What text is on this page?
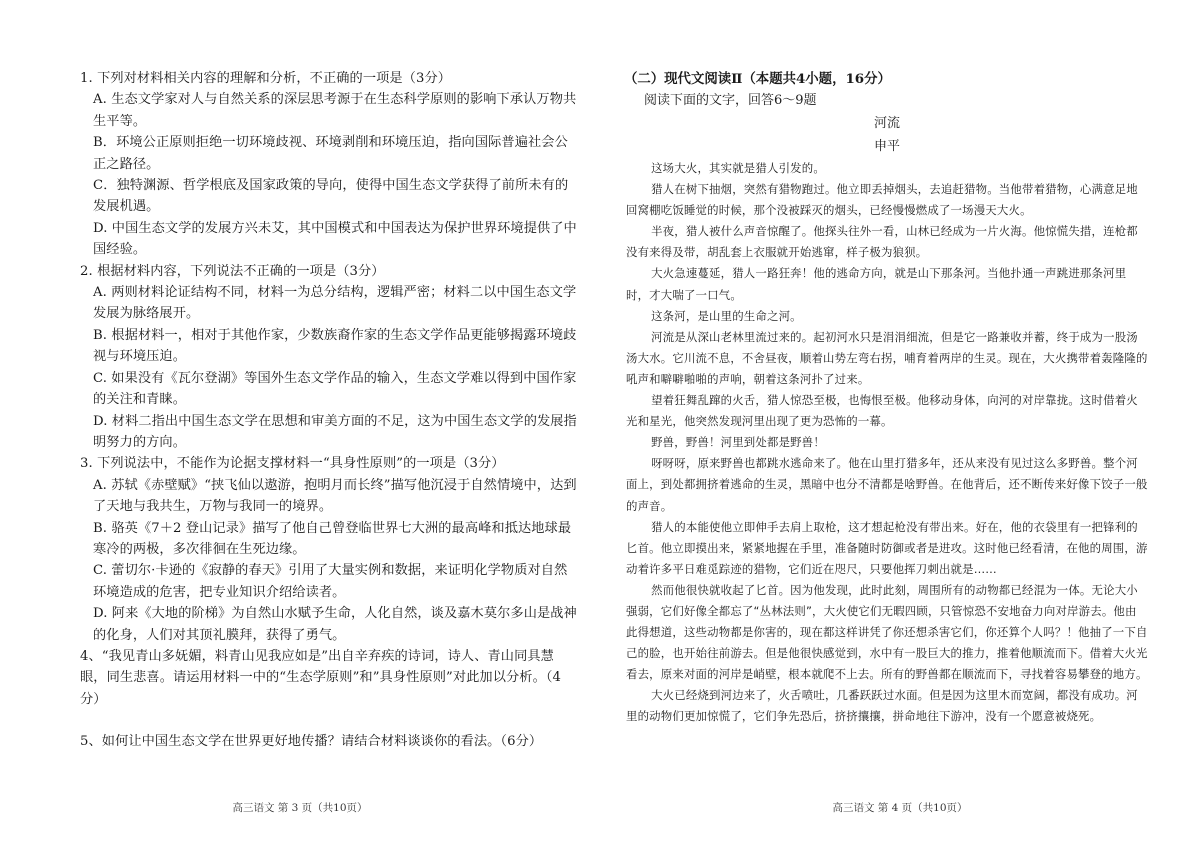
1. 下列对材料相关内容的理解和分析，不正确的一项是（3分）

A. 生态文学家对人与自然关系的深层思考源于在生态科学原则的影响下承认万物共生平等。

B．环境公正原则拒绝一切环境歧视、环境剥削和环境压迫，指向国际普遍社会公正之路径。

C．独特渊源、哲学根底及国家政策的导向，使得中国生态文学获得了前所未有的发展机遇。

D. 中国生态文学的发展方兴未艾，其中国模式和中国表达为保护世界环境提供了中国经验。

2. 根据材料内容，下列说法不正确的一项是（3分）

A. 两则材料论证结构不同，材料一为总分结构，逻辑严密；材料二以中国生态文学发展为脉络展开。

B. 根据材料一，相对于其他作家，少数族裔作家的生态文学作品更能够揭露环境歧视与环境压迫。

C. 如果没有《瓦尔登湖》等国外生态文学作品的输入，生态文学难以得到中国作家的关注和青睐。

D. 材料二指出中国生态文学在思想和审美方面的不足，这为中国生态文学的发展指明努力的方向。

3. 下列说法中，不能作为论据支撑材料一“具身性原则”的一项是（3分）

A. 苏轼《赤壁赋》“挟飞仙以遨游，抱明月而长终”描写他沉浸于自然情境中，达到了天地与我共生，万物与我同一的境界。

B. 骆英《7＋2 登山记录》描写了他自己曾登临世界七大洲的最高峰和抵达地球最寒冷的两极，多次徘徊在生死边缘。

C. 蕾切尔·卡逊的《寂静的春天》引用了大量实例和数据，来证明化学物质对自然环境造成的危害，把专业知识介绍给读者。

D. 阿来《大地的阶梯》为自然山水赋予生命，人化自然，谈及嘉木莫尔多山是战神的化身，人们对其顶礼膜拜，获得了勇气。

4、“我见青山多妩媚，料青山见我应如是”出自辛弃疾的诗词，诗人、青山同具慧眼，同生悲喜。请运用材料一中的“生态学原则”和”具身性原则”对此加以分析。（4分）

5、如何让中国生态文学在世界更好地传播？请结合材料谈谈你的看法。（6分）

高三语文 第 3 页（共10页）

（二）现代文阅读Ⅱ（本题共4小题，16分）

阅读下面的文字，回答6～9题

河流

申平

这场大火，其实就是猎人引发的。

猎人在树下抽烟，突然有猎物跑过。他立即丢掉烟头，去追赶猎物。当他带着猎物，心满意足地回窝棚吃饭睡觉的时候，那个没被踩灭的烟头，已经慢慢燃成了一场漫天大火。

半夜，猎人被什么声音惊醒了。他探头往外一看，山林已经成为一片火海。他惊慌失措，连枪都没有来得及带，胡乱套上衣服就开始逃窜，样子极为狼狈。

大火急速蔓延，猎人一路狂奔！他的逃命方向，就是山下那条河。当他扑通一声跳进那条河里时，才大喘了一口气。

这条河，是山里的生命之河。

河流是从深山老林里流过来的。起初河水只是涓涓细流，但是它一路兼收并蓄，终于成为一股汤汤大水。它川流不息，不舍昼夜，顺着山势左弯右拐，哺育着两岸的生灵。现在，大火携带着轰隆隆的吼声和噼噼啪啪的声响，朝着这条河扑了过来。

望着狂舞乱蹿的火舌，猎人惊恐至极，也悔恨至极。他移动身体，向河的对岸靠拢。这时借着火光和星光，他突然发现河里出现了更为恐怖的一幕。

野兽，野兽！河里到处都是野兽！

呀呀呀，原来野兽也都跳水逃命来了。他在山里打猎多年，还从来没有见过这么多野兽。整个河面上，到处都拥挤着逃命的生灵，黑暗中也分不清都是啥野兽。在他背后，还不断传来好像下饺子一般的声音。

猎人的本能使他立即伸手去肩上取枪，这才想起枪没有带出来。好在，他的衣袋里有一把锋利的匕首。他立即摸出来，紧紧地握在手里，准备随时防御或者是进攻。这时他已经看清，在他的周围，游动着许多平日难觅踪迹的猎物，它们近在咫尺，只要他挥刀刺出就是……

然而他很快就收起了匕首。因为他发现，此时此刻，周围所有的动物都已经混为一体。无论大小强弱，它们好像全都忘了“丛林法则”，大火使它们无暇四顾，只管惊恐不安地奋力向对岸游去。他由此得想道，这些动物都是你害的，现在都这样讲凭了你还想杀害它们，你还算个人吗？！他抽了一下自己的脸，也开始往前游去。但是他很快感觉到，水中有一股巨大的推力，推着他顺流而下。借着大火光看去，原来对面的河岸是峭壁，根本就爬不上去。所有的野兽都在顺流而下，寻找着容易攀登的地方。

大火已经烧到河边来了，火舌喷吐，几番跃跃过水面。但是因为这里木而宽阔，都没有成功。河里的动物们更加惊慌了，它们争先恐后，挤挤攘攘，拼命地往下游冲，没有一个愿意被烧死。

高三语文 第 4 页（共10页）
